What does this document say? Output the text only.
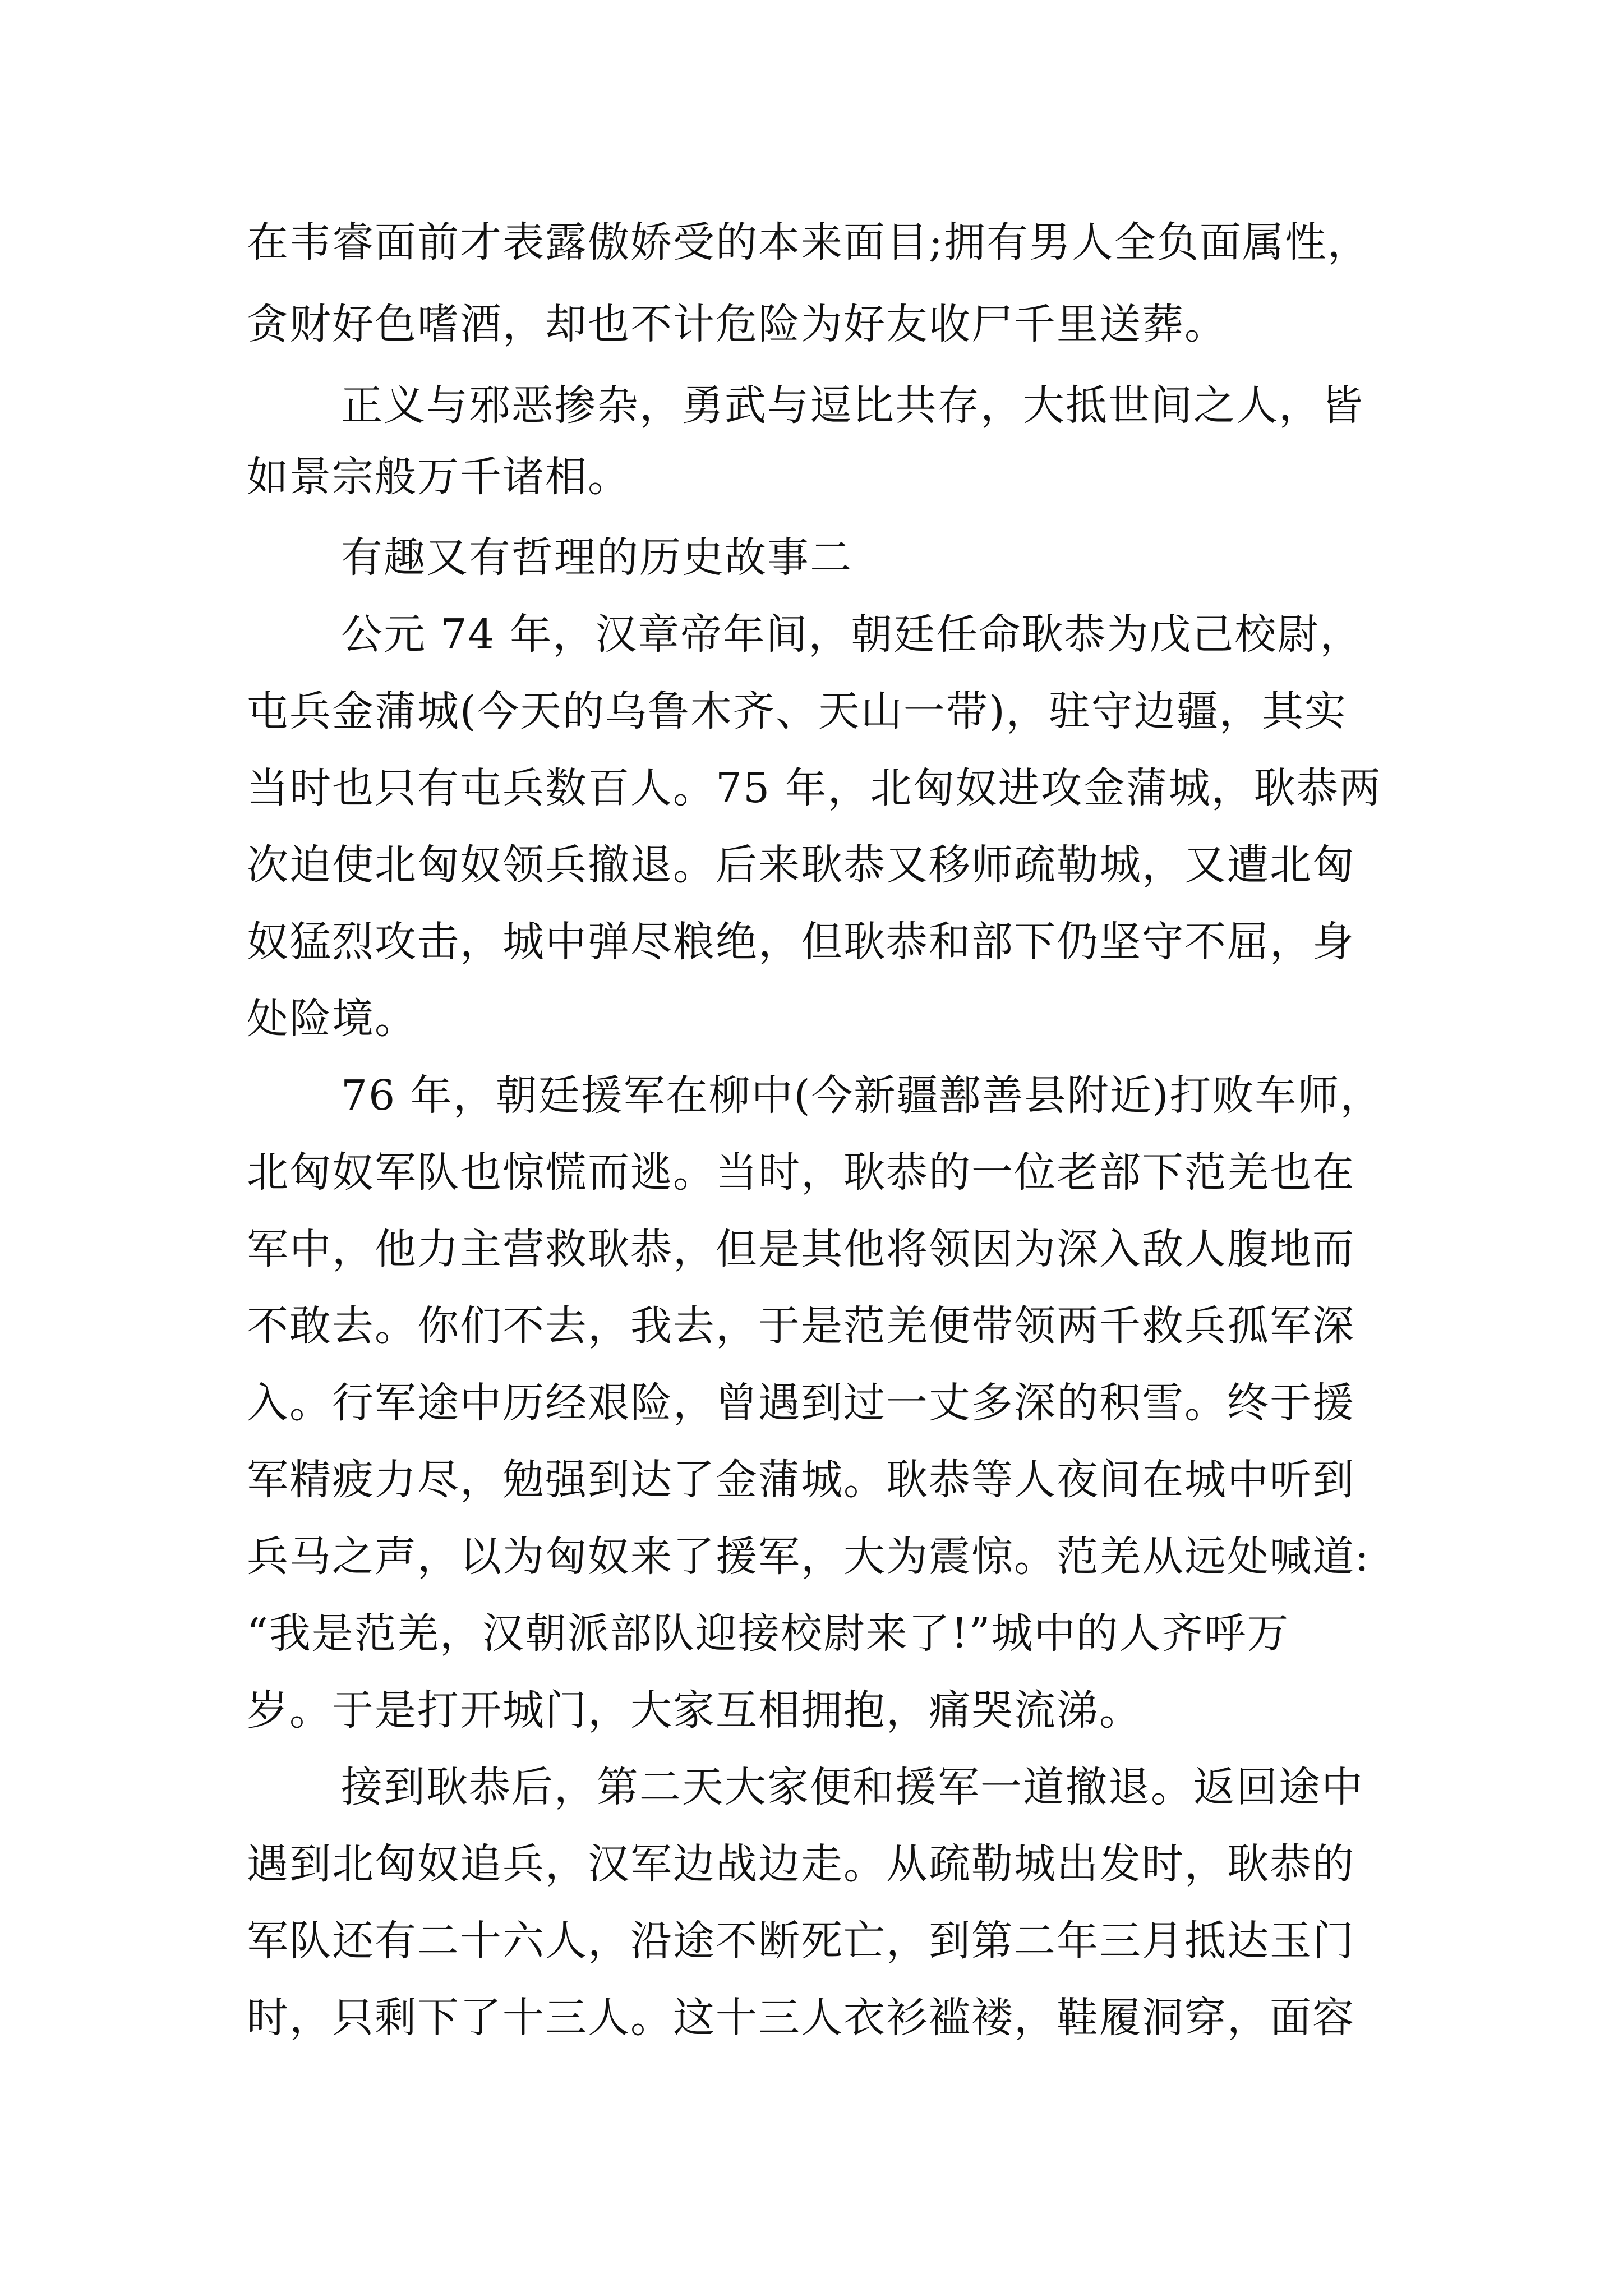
在韦睿面前才表露傲娇受的本来面目;拥有男人全负面属性，
贪财好色嗜酒，却也不计危险为好友收尸千里送葬。
正义与邪恶掺杂，勇武与逗比共存，大抵世间之人，皆
如景宗般万千诸相。
有趣又有哲理的历史故事二
公元 74 年，汉章帝年间，朝廷任命耿恭为戊己校尉，
屯兵金蒲城(今天的乌鲁木齐、天山一带)，驻守边疆，其实
当时也只有屯兵数百人。75 年，北匈奴进攻金蒲城，耿恭两
次迫使北匈奴领兵撤退。后来耿恭又移师疏勒城，又遭北匈
奴猛烈攻击，城中弹尽粮绝，但耿恭和部下仍坚守不屈，身
处险境。
76 年，朝廷援军在柳中(今新疆鄯善县附近)打败车师，
北匈奴军队也惊慌而逃。当时，耿恭的一位老部下范羌也在
军中，他力主营救耿恭，但是其他将领因为深入敌人腹地而
不敢去。你们不去，我去，于是范羌便带领两千救兵孤军深
入。行军途中历经艰险，曾遇到过一丈多深的积雪。终于援
军精疲力尽，勉强到达了金蒲城。耿恭等人夜间在城中听到
兵马之声，以为匈奴来了援军，大为震惊。范羌从远处喊道:
“我是范羌，汉朝派部队迎接校尉来了!”城中的人齐呼万
岁。于是打开城门，大家互相拥抱，痛哭流涕。
接到耿恭后，第二天大家便和援军一道撤退。返回途中
遇到北匈奴追兵，汉军边战边走。从疏勒城出发时，耿恭的
军队还有二十六人，沿途不断死亡，到第二年三月抵达玉门
时，只剩下了十三人。这十三人衣衫褴褛，鞋履洞穿，面容
